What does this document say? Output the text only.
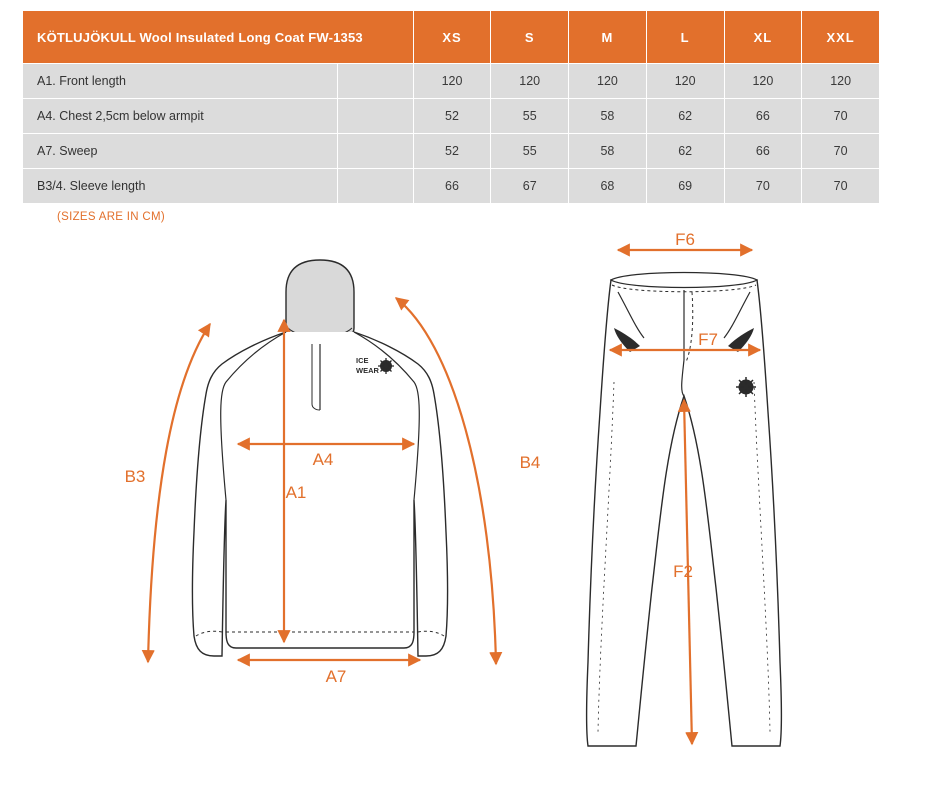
KÖTLUJÖKULL Wool Insulated Long Coat FW-1353		XS	S	M	L	XL	XXL
A1. Front length		120	120	120	120	120	120
A4. Chest 2,5cm below armpit		52	55	58	62	66	70
A7. Sweep		52	55	58	62	66	70
B3/4. Sleeve length		66	67	68	69	70	70
(SIZES ARE IN CM)
ICE
WEAR
A4
A1
A7
B3
B4
F6
F7
F2
